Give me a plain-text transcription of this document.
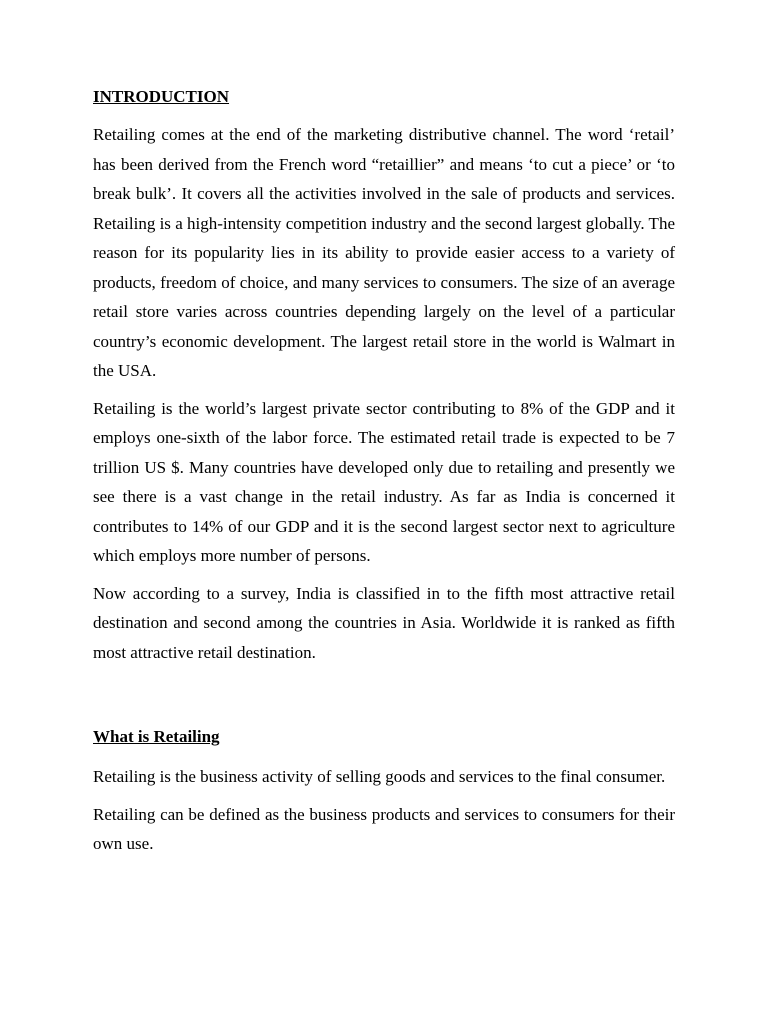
INTRODUCTION

Retailing comes at the end of the marketing distributive channel. The word ‘retail’ has been derived from the French word “retaillier” and means ‘to cut a piece’ or ‘to break bulk’. It covers all the activities involved in the sale of products and services. Retailing is a high-intensity competition industry and the second largest globally. The reason for its popularity lies in its ability to provide easier access to a variety of products, freedom of choice, and many services to consumers. The size of an average retail store varies across countries depending largely on the level of a particular country’s economic development. The largest retail store in the world is Walmart in the USA.

Retailing is the world’s largest private sector contributing to 8% of the GDP and it employs one-sixth of the labor force. The estimated retail trade is expected to be 7 trillion US $. Many countries have developed only due to retailing and presently we see there is a vast change in the retail industry. As far as India is concerned it contributes to 14% of our GDP and it is the second largest sector next to agriculture which employs more number of persons.

Now according to a survey, India is classified in to the fifth most attractive retail destination and second among the countries in Asia. Worldwide it is ranked as fifth most attractive retail destination.

What is Retailing

Retailing is the business activity of selling goods and services to the final consumer.

Retailing can be defined as the business products and services to consumers for their own use.
